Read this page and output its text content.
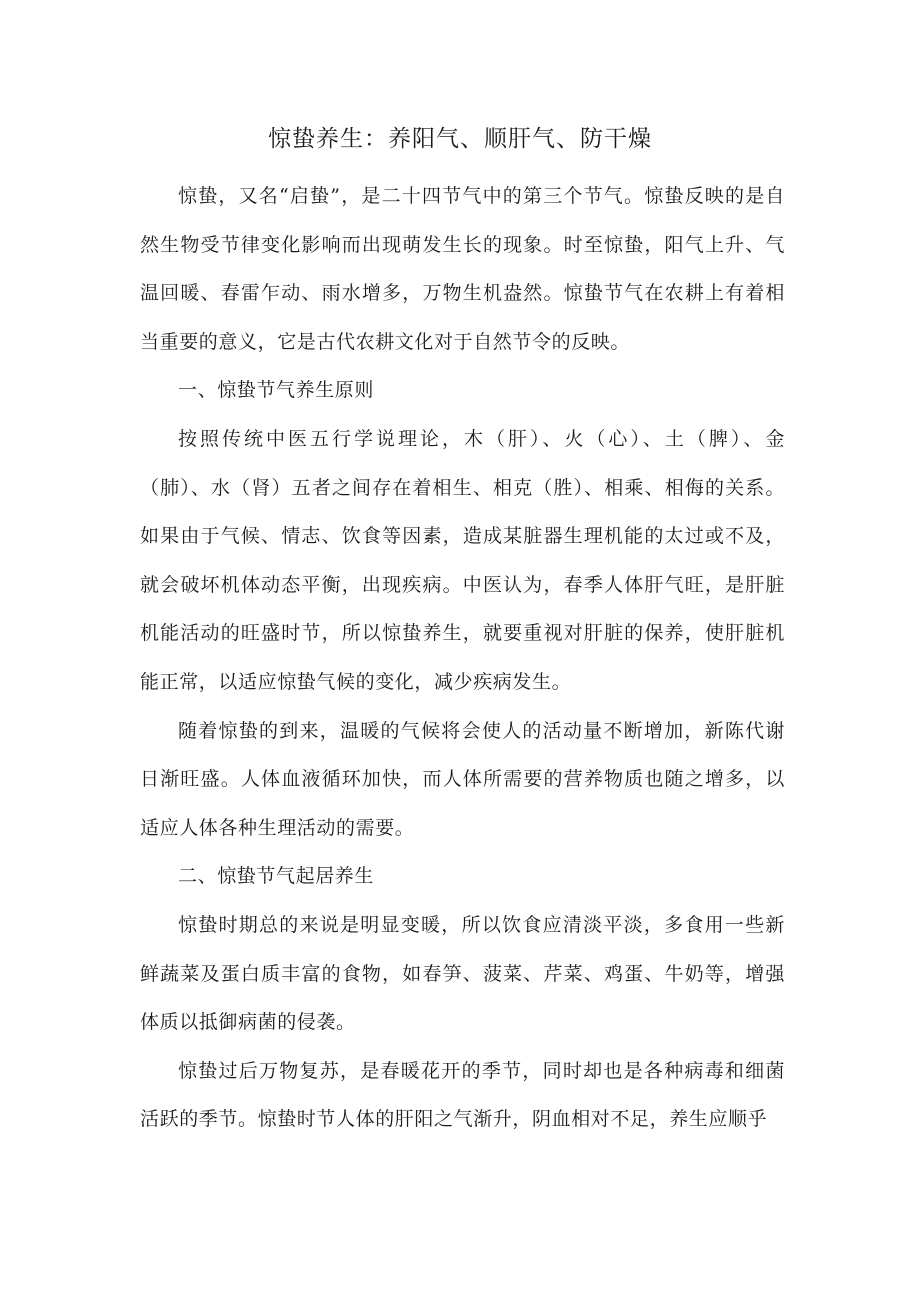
惊蛰养生：养阳气、顺肝气、防干燥

惊蛰，又名“启蛰”，是二十四节气中的第三个节气。惊蛰反映的是自然生物受节律变化影响而出现萌发生长的现象。时至惊蛰，阳气上升、气温回暖、春雷乍动、雨水增多，万物生机盎然。惊蛰节气在农耕上有着相当重要的意义，它是古代农耕文化对于自然节令的反映。

一、惊蛰节气养生原则

按照传统中医五行学说理论，木（肝）、火（心）、土（脾）、金（肺）、水（肾）五者之间存在着相生、相克（胜）、相乘、相侮的关系。如果由于气候、情志、饮食等因素，造成某脏器生理机能的太过或不及，就会破坏机体动态平衡，出现疾病。中医认为，春季人体肝气旺，是肝脏机能活动的旺盛时节，所以惊蛰养生，就要重视对肝脏的保养，使肝脏机能正常，以适应惊蛰气候的变化，减少疾病发生。

随着惊蛰的到来，温暖的气候将会使人的活动量不断增加，新陈代谢日渐旺盛。人体血液循环加快，而人体所需要的营养物质也随之增多，以适应人体各种生理活动的需要。

二、惊蛰节气起居养生

惊蛰时期总的来说是明显变暖，所以饮食应清淡平淡，多食用一些新鲜蔬菜及蛋白质丰富的食物，如春笋、菠菜、芹菜、鸡蛋、牛奶等，增强体质以抵御病菌的侵袭。

惊蛰过后万物复苏，是春暖花开的季节，同时却也是各种病毒和细菌活跃的季节。惊蛰时节人体的肝阳之气渐升，阴血相对不足，养生应顺乎
